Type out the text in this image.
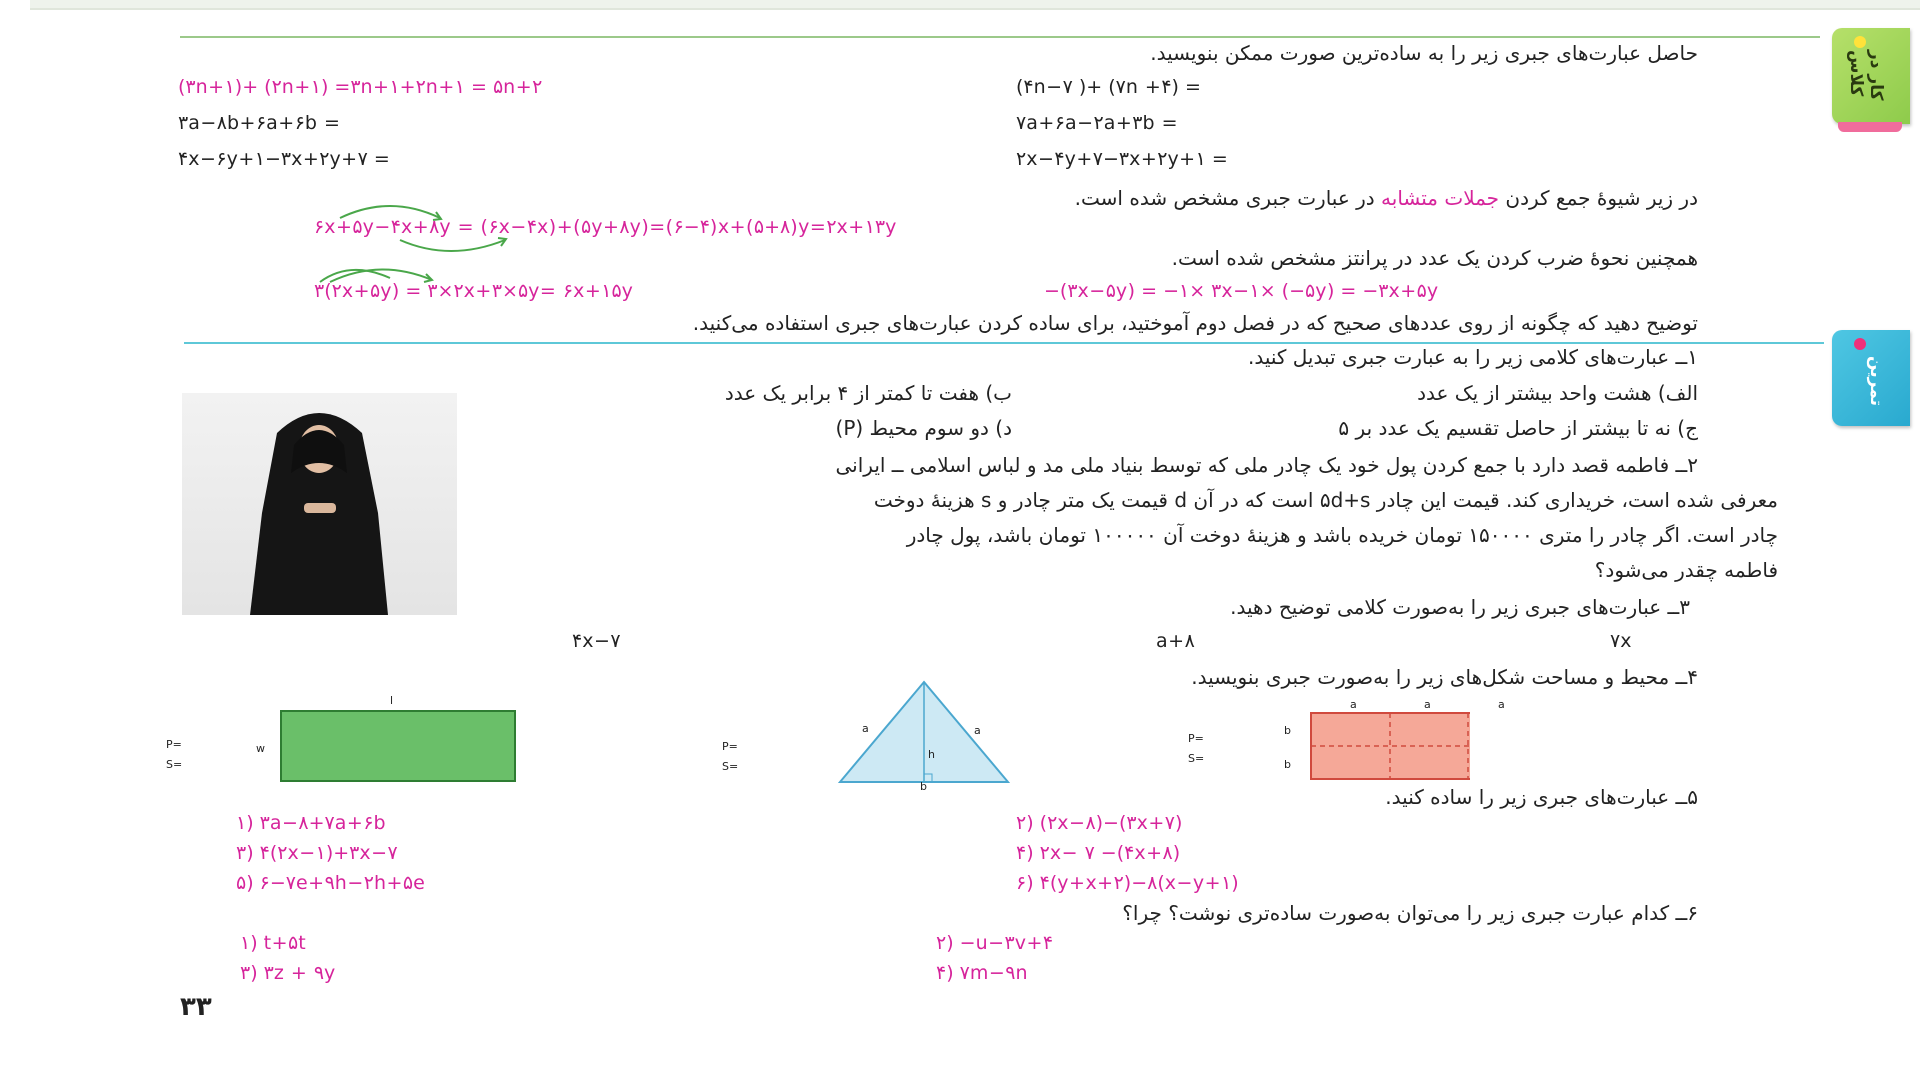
کار در کلاس
حاصل عبارت‌های جبری زیر را به ساده‌ترین صورت ممکن بنویسید.
(۳n+۱)+ (۲n+۱) =۳n+۱+۲n+۱ = ۵n+۲	(۴n−۷ )+ (۷n +۴) =
۳a−۸b+۶a+۶b =	۷a+۶a−۲a+۳b =
۴x−۶y+۱−۳x+۲y+۷ =	۲x−۴y+۷−۳x+۲y+۱ =
در زیر شیوهٔ جمع کردن جملات متشابه در عبارت جبری مشخص شده است.
۶x+۵y−۴x+۸y = (۶x−۴x)+(۵y+۸y)=(۶−۴)x+(۵+۸)y=۲x+۱۳y
همچنین نحوهٔ ضرب کردن یک عدد در پرانتز مشخص شده است.
۳(۲x+۵y) = ۳×۲x+۳×۵y= ۶x+۱۵y	−(۳x−۵y) = −۱× ۳x−۱× (−۵y) = −۳x+۵y
توضیح دهید که چگونه از روی عددهای صحیح که در فصل دوم آموختید، برای ساده کردن عبارت‌های جبری استفاده می‌کنید.
تمرین
۱ــ عبارت‌های کلامی زیر را به عبارت جبری تبدیل کنید.
الف) هشت واحد بیشتر از یک عدد
ب) هفت تا کمتر از ۴ برابر یک عدد
ج) نه تا بیشتر از حاصل تقسیم یک عدد بر ۵
د) دو سوم محیط (P)
۲ــ فاطمه قصد دارد با جمع کردن پول خود یک چادر ملی که توسط بنیاد ملی مد و لباس اسلامی ــ ایرانی
معرفی شده است، خریداری کند. قیمت این چادر ۵d+s است که در آن d قیمت یک متر چادر و s هزینهٔ دوخت
چادر است. اگر چادر را متری ۱۵۰۰۰۰ تومان خریده باشد و هزینهٔ دوخت آن ۱۰۰۰۰۰ تومان باشد، پول چادر
فاطمه چقدر می‌شود؟
۳ــ عبارت‌های جبری زیر را به‌صورت کلامی توضیح دهید.
۷x
a+۸
۴x−۷
۴ــ محیط و مساحت شکل‌های زیر را به‌صورت جبری بنویسید.
P=
S=
l
w	P=
S=
a	a
h
b
P=
S=
a	a	a
b
b
۵ــ عبارت‌های جبری زیر را ساده کنید.
۱) ۳a−۸+۷a+۶b	۲) (۲x−۸)−(۳x+۷)
۳) ۴(۲x−۱)+۳x−۷	۴) ۲x− ۷ −(۴x+۸)
۵) ۶−۷e+۹h−۲h+۵e	۶) ۴(y+x+۲)−۸(x−y+۱)
۶ــ کدام عبارت جبری زیر را می‌توان به‌صورت ساده‌تری نوشت؟ چرا؟
۱) t+۵t	۲) −u−۳v+۴
۳) ۳z + ۹y	۴) ۷m−۹n
۳۳
